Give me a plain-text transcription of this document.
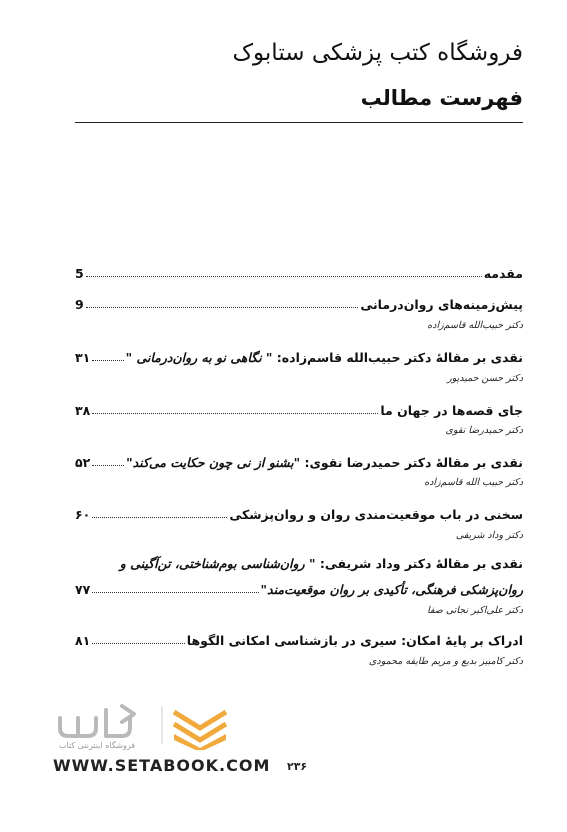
فروشگاه کتب پزشکی ستابوک
فهرست مطالب
مقدمه
5
پیش‌زمینه‌های روان‌درمانی
9
دکتر حبیب‌الله قاسم‌زاده
نقدی بر مقالهٔ دکتر حبیب‌الله قاسم‌زاده: " نگاهی نو به روان‌درمانی "
۳۱
دکتر حسن حمیدپور
جای قصه‌ها در جهان ما
۳۸
دکتر حمیدرضا نقوی
نقدی بر مقالهٔ دکتر حمیدرضا نقوی: "بشنو از نی چون حکایت می‌کند"
۵۲
دکتر حبیب الله قاسم‌زاده
سخنی در باب موقعیت‌مندی روان و روان‌پزشکی
۶۰
دکتر وداد شریفی
نقدی بر مقالهٔ دکتر وداد شریفی: " روان‌شناسی بوم‌شناختی، تن‌آگینی و
روان‌پزشکی فرهنگی، تأکیدی بر روان موقعیت‌مند"
۷۷
دکتر علی‌اکبر نجاتی صفا
ادراک بر پایهٔ امکان: سیری در بازشناسی امکانی الگوها
۸۱
دکتر کامبیز بدیع و مریم طایفه محمودی
فروشگاه اینترنتی کتاب
WWW.SETABOOK.COM ۲۳۶
